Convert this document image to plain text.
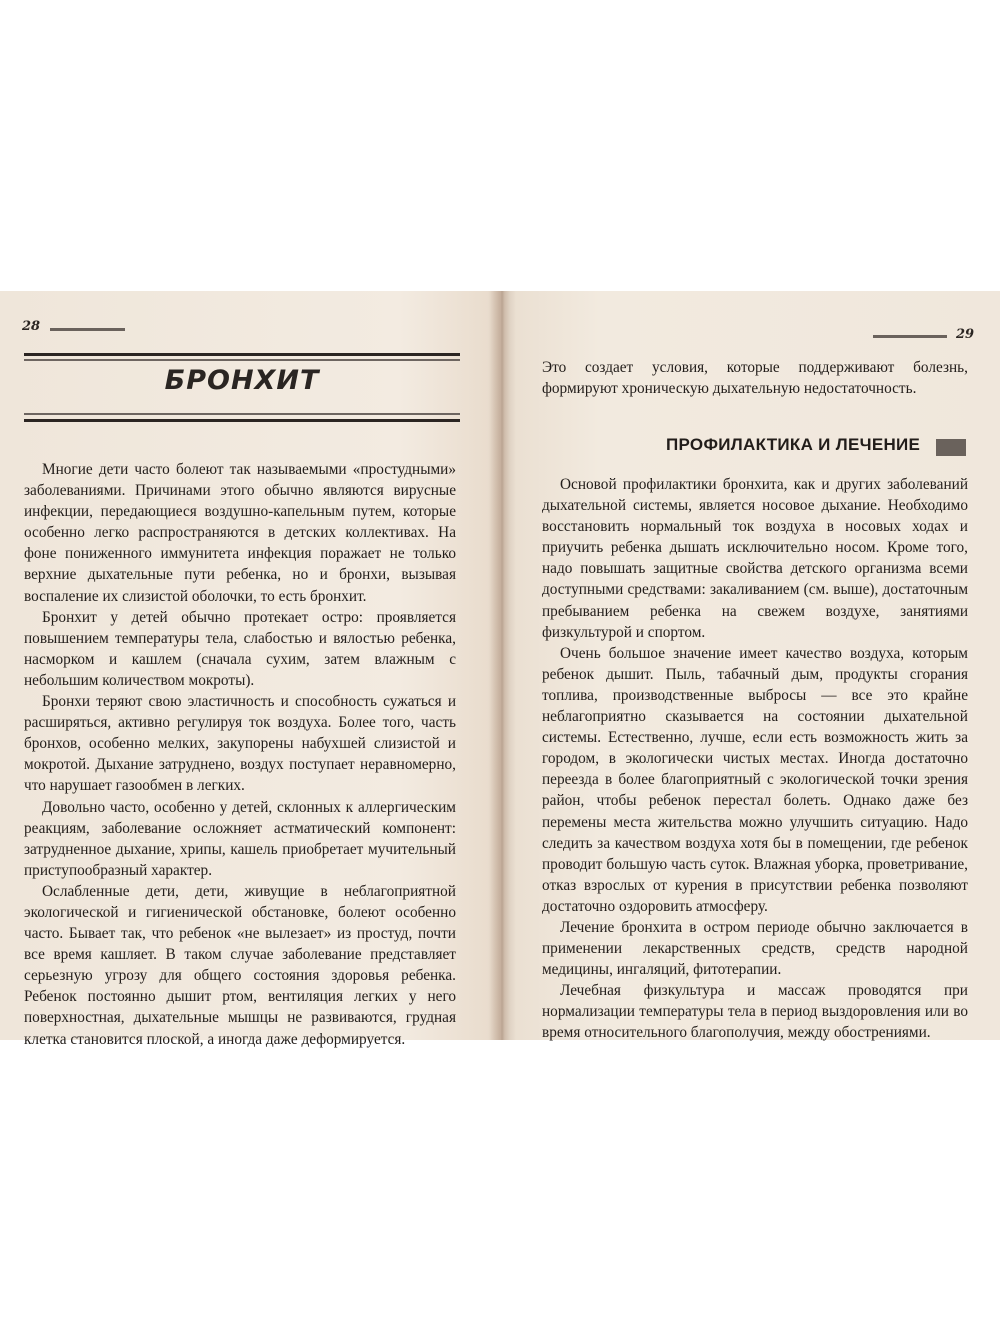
28
БРОНХИТ

Многие дети часто болеют так называемыми «простудными» заболеваниями. Причинами этого обычно являются вирусные инфекции, передающиеся воздушно-капельным путем, которые особенно легко распространяются в детских коллективах. На фоне пониженного иммунитета инфекция поражает не только верхние дыхательные пути ребенка, но и бронхи, вызывая воспаление их слизистой оболочки, то есть бронхит.

Бронхит у детей обычно протекает остро: проявляется повышением температуры тела, слабостью и вялостью ребенка, насморком и кашлем (сначала сухим, затем влажным с небольшим количеством мокроты).

Бронхи теряют свою эластичность и способность сужаться и расширяться, активно регулируя ток воздуха. Более того, часть бронхов, особенно мелких, закупорены набухшей слизистой и мокротой. Дыхание затруднено, воздух поступает неравномерно, что нарушает газообмен в легких.

Довольно часто, особенно у детей, склонных к аллергическим реакциям, заболевание осложняет астматический компонент: затрудненное дыхание, хрипы, кашель приобретает мучительный приступообразный характер.

Ослабленные дети, дети, живущие в неблагоприятной экологической и гигиенической обстановке, болеют особенно часто. Бывает так, что ребенок «не вылезает» из простуд, почти все время кашляет. В таком случае заболевание представляет серьезную угрозу для общего состояния здоровья ребенка. Ребенок постоянно дышит ртом, вентиляция легких у него поверхностная, дыхательные мышцы не развиваются, грудная клетка становится плоской, а иногда даже деформируется.

29

Это создает условия, которые поддерживают болезнь, формируют хроническую дыхательную недостаточность.

ПРОФИЛАКТИКА И ЛЕЧЕНИЕ

Основой профилактики бронхита, как и других заболеваний дыхательной системы, является носовое дыхание. Необходимо восстановить нормальный ток воздуха в носовых ходах и приучить ребенка дышать исключительно носом. Кроме того, надо повышать защитные свойства детского организма всеми доступными средствами: закаливанием (см. выше), достаточным пребыванием ребенка на свежем воздухе, занятиями физкультурой и спортом.

Очень большое значение имеет качество воздуха, которым ребенок дышит. Пыль, табачный дым, продукты сгорания топлива, производственные выбросы — все это крайне неблагоприятно сказывается на состоянии дыхательной системы. Естественно, лучше, если есть возможность жить за городом, в экологически чистых местах. Иногда достаточно переезда в более благоприятный с экологической точки зрения район, чтобы ребенок перестал болеть. Однако даже без перемены места жительства можно улучшить ситуацию. Надо следить за качеством воздуха хотя бы в помещении, где ребенок проводит большую часть суток. Влажная уборка, проветривание, отказ взрослых от курения в присутствии ребенка позволяют достаточно оздоровить атмосферу.

Лечение бронхита в остром периоде обычно заключается в применении лекарственных средств, средств народной медицины, ингаляций, фитотерапии.

Лечебная физкультура и массаж проводятся при нормализации температуры тела в период выздоровления или во время относительного благополучия, между обострениями.
